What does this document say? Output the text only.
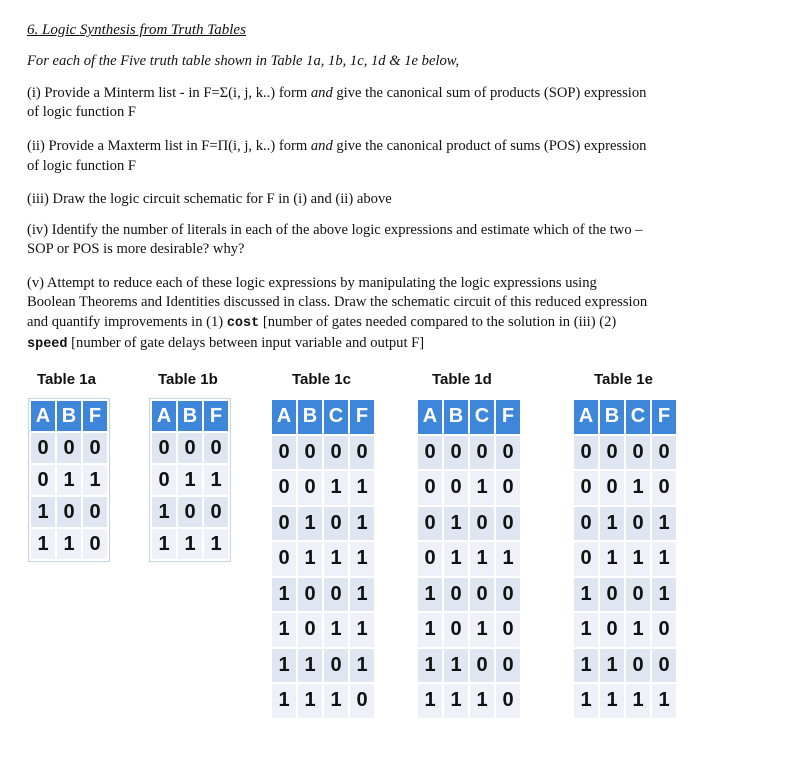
6. Logic Synthesis from Truth Tables
For each of the Five truth table shown in Table 1a, 1b, 1c, 1d & 1e below,
(i) Provide a Minterm list - in F=Σ(i, j, k..) form and give the canonical sum of products (SOP) expression
of logic function F
(ii) Provide a Maxterm list in F=Π(i, j, k..) form and give the canonical product of sums (POS) expression
of logic function F
(iii) Draw the logic circuit schematic for F in (i) and (ii) above
(iv) Identify the number of literals in each of the above logic expressions and estimate which of the two –
SOP or POS is more desirable? why?
(v) Attempt to reduce each of these logic expressions by manipulating the logic expressions using
Boolean Theorems and Identities discussed in class. Draw the schematic circuit of this reduced expression
and quantify improvements in (1) cost [number of gates needed compared to the solution in (iii) (2)
speed [number of gate delays between input variable and output F]
Table 1a	Table 1b	Table 1c	Table 1d	Table 1e
A	B	F
0	0	0
0	1	1
1	0	0
1	1	0
A	B	F
0	0	0
0	1	1
1	0	0
1	1	1
A	B	C	F
0	0	0	0
0	0	1	1
0	1	0	1
0	1	1	1
1	0	0	1
1	0	1	1
1	1	0	1
1	1	1	0
A	B	C	F
0	0	0	0
0	0	1	0
0	1	0	0
0	1	1	1
1	0	0	0
1	0	1	0
1	1	0	0
1	1	1	0
A	B	C	F
0	0	0	0
0	0	1	0
0	1	0	1
0	1	1	1
1	0	0	1
1	0	1	0
1	1	0	0
1	1	1	1
